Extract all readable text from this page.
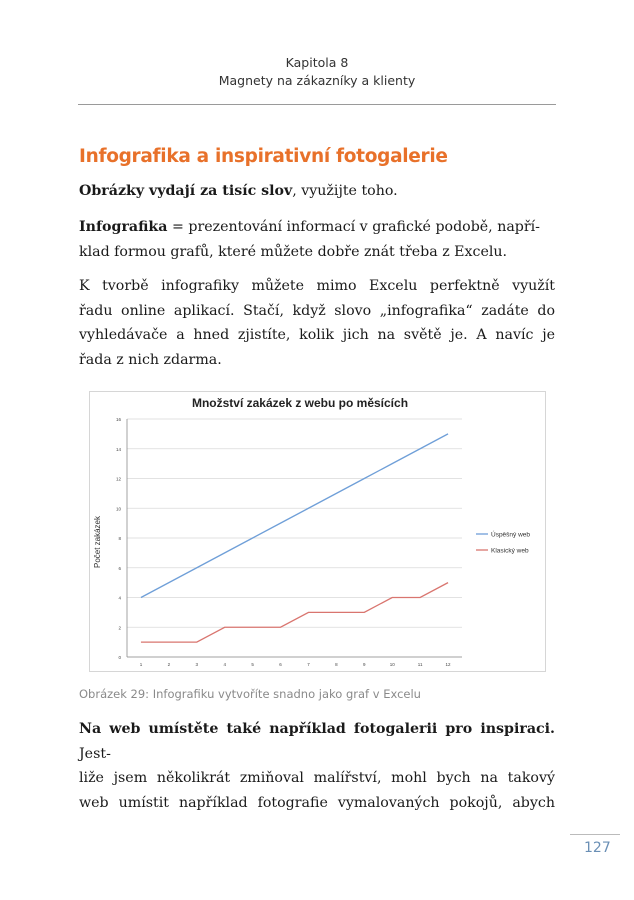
Kapitola 8
Magnety na zákazníky a klienty
Infografika a inspirativní fotogalerie

Obrázky vydají za tisíc slov, využijte toho.

Infografika = prezentování informací v grafické podobě, napří-
klad formou grafů, které můžete dobře znát třeba z Excelu.

K tvorbě infografiky můžete mimo Excelu perfektně využít
řadu online aplikací. Stačí, když slovo „infografika“ zadáte do
vyhledávače a hned zjistíte, kolik jich na světě je. A navíc je
řada z nich zdarma.

0
2
4
6
8
10
12
14
16
1	2	3	4	5	6	7	8	9	10	11	12
Množství zakázek z webu po měsících
Počet zakázek	Úspěšný web
Klasický web
Obrázek 29: Infografiku vytvoříte snadno jako graf v Excelu

Na web umístěte také například fotogalerii pro inspiraci. Jest-
liže jsem několikrát zmiňoval malířství, mohl bych na takový
web umístit například fotografie vymalovaných pokojů, abych

127
